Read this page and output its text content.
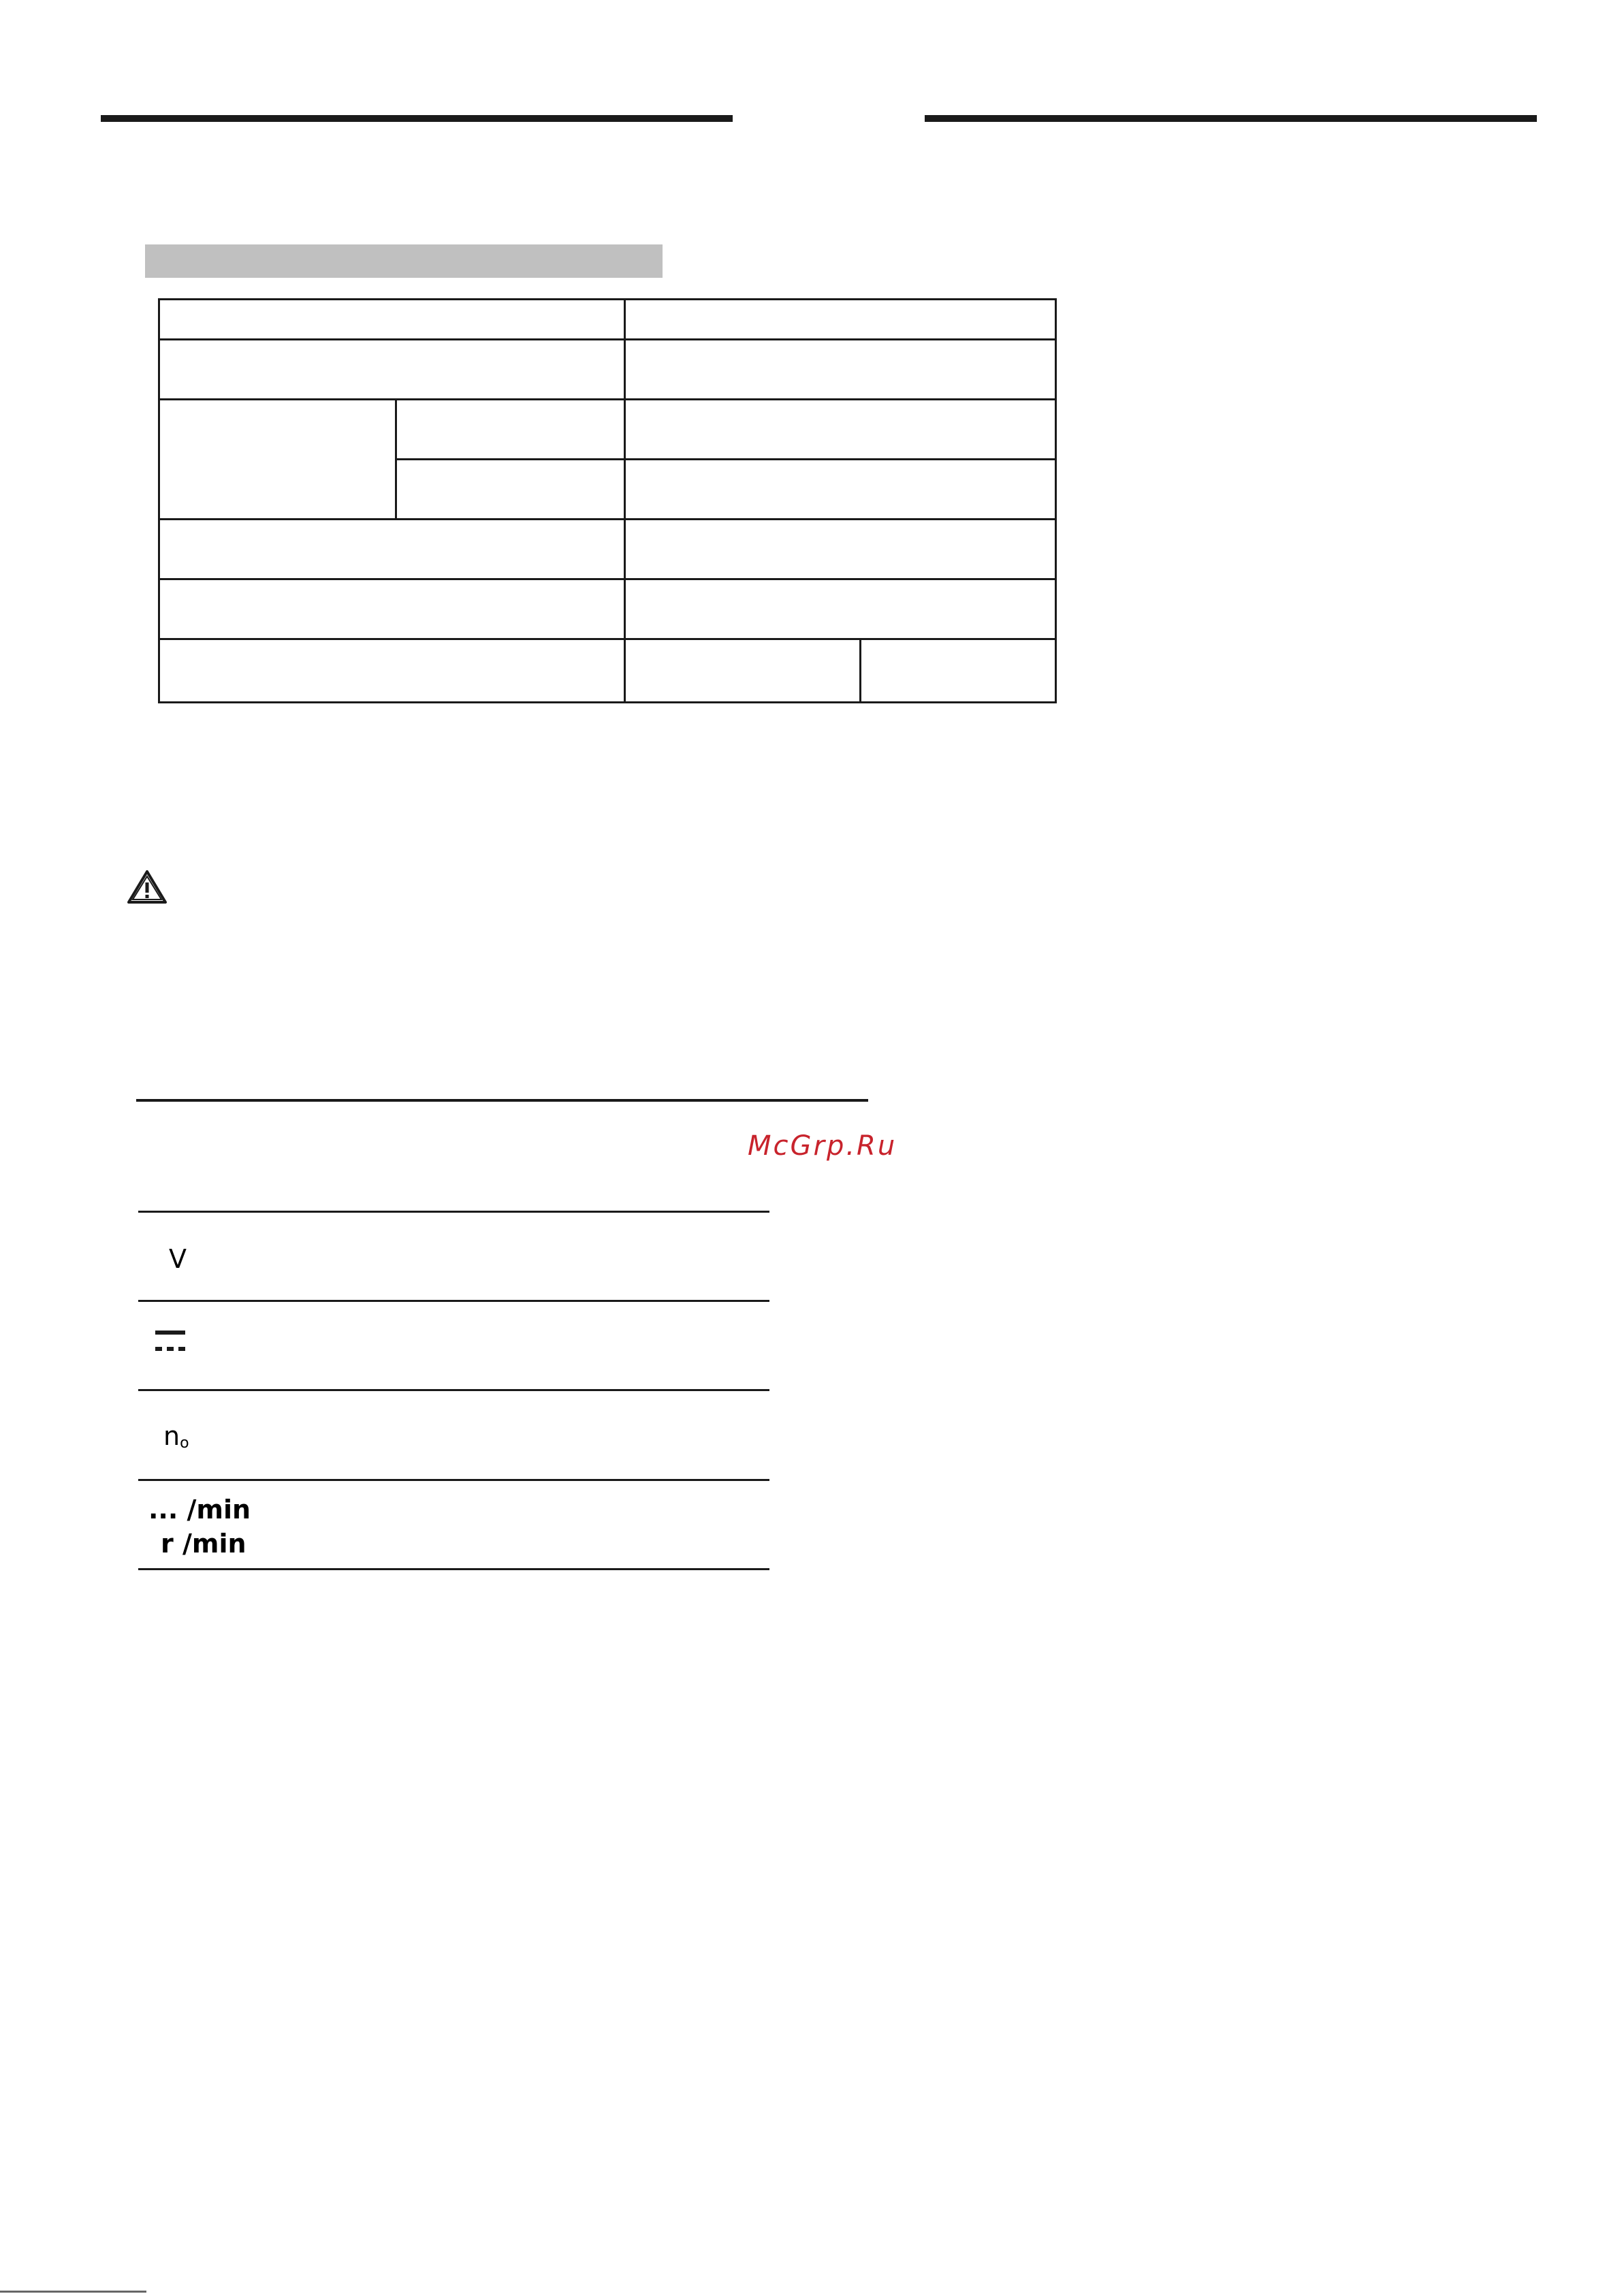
McGrp.Ru
V
no
... /min
r /min
